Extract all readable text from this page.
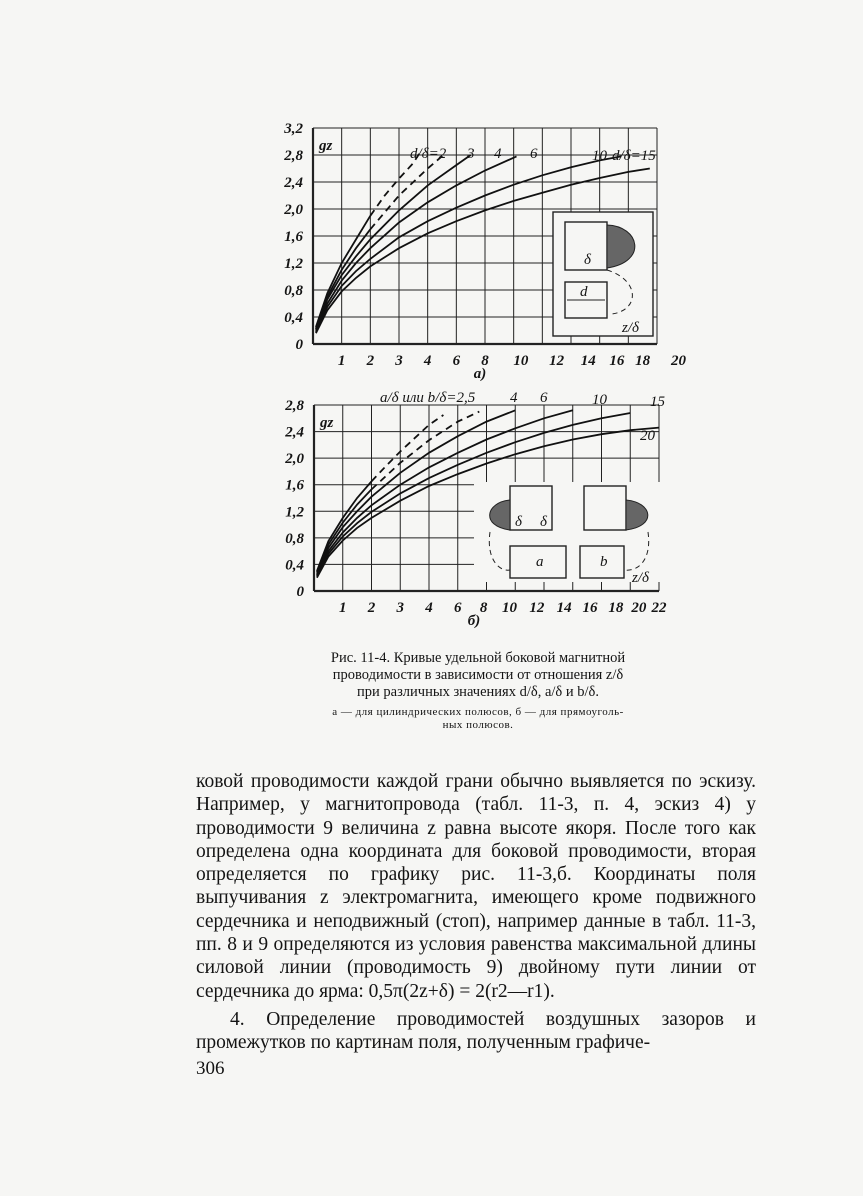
0
0,4
0,8
1,2
1,6
2,0
2,4
2,8
3,2
1 2 3 4 6 8 10 12 14 16 18 20
gz	d/δ=2 3 4 6	10 d/δ=15
а)
δ
d
z/δ
0
0,4
0,8
1,2
1,6
2,0
2,4
2,8
1 2 3 4 6 8 10 12 14 16 18 20 22
gz
a/δ или b/δ=2,5 4 6	10	15
20
б)
δ δ
a	b
z/δ
Рис. 11-4. Кривые удельной боковой магнитной
проводимости в зависимости от отношения z/δ
при различных значениях d/δ, a/δ и b/δ.
а — для цилиндрических полюсов, б — для прямоуголь-
ных полюсов.

ковой проводимости каждой грани обычно выявляется по эскизу. Например, у магнитопровода (табл. 11-3, п. 4, эскиз 4) у проводимости 9 величина z равна высоте якоря. После того как определена одна координата для боковой проводимости, вторая определяется по графику рис. 11-3,б. Координаты поля выпучивания z электромагнита, имеющего кроме подвижного сердечника и неподвижный (стоп), например данные в табл. 11-3, пп. 8 и 9 определяются из условия равенства максимальной длины силовой линии (проводимость 9) двойному пути линии от сердечника до ярма: 0,5π(2z+δ) = 2(r2—r1).

4. Определение проводимостей воздушных зазоров и промежутков по картинам поля, полученным графиче-

306
